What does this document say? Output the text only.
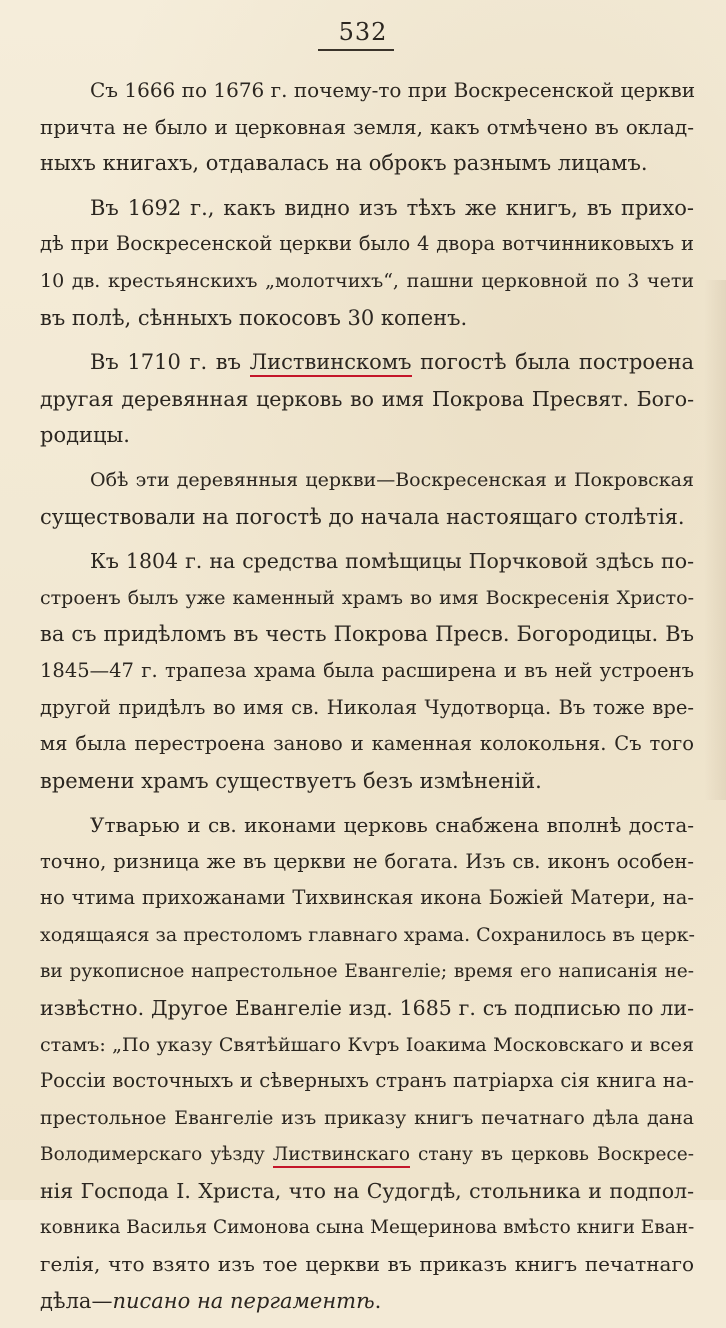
532
Съ 1666 по 1676 г. почему-то при Воскресенской церкви
причта не было и церковная земля, какъ отмѣчено въ оклад-
ныхъ книгахъ, отдавалась на оброкъ разнымъ лицамъ.
Въ 1692 г., какъ видно изъ тѣхъ же книгъ, въ прихо-
дѣ при Воскресенской церкви было 4 двора вотчинниковыхъ и
10 дв. крестьянскихъ „молотчихъ“, пашни церковной по 3 чети
въ полѣ, сѣнныхъ покосовъ 30 копенъ.
Въ 1710 г. въ Листвинскомъ погостѣ была построена
другая деревянная церковь во имя Покрова Пресвят. Бого-
родицы.
Обѣ эти деревянныя церкви—Воскресенская и Покровская
существовали на погостѣ до начала настоящаго столѣтія.
Къ 1804 г. на средства помѣщицы Порчковой здѣсь по-
строенъ былъ уже каменный храмъ во имя Воскресенія Христо-
ва съ придѣломъ въ честь Покрова Пресв. Богородицы. Въ
1845—47 г. трапеза храма была расширена и въ ней устроенъ
другой придѣлъ во имя св. Николая Чудотворца. Въ тоже вре-
мя была перестроена заново и каменная колокольня. Съ того
времени храмъ существуетъ безъ измѣненій.
Утварью и св. иконами церковь снабжена вполнѣ доста-
точно, ризница же въ церкви не богата. Изъ св. иконъ особен-
но чтима прихожанами Тихвинская икона Божіей Матери, на-
ходящаяся за престоломъ главнаго храма. Сохранилось въ церк-
ви рукописное напрестольное Евангеліе; время его написанія не-
извѣстно. Другое Евангеліе изд. 1685 г. съ подписью по ли-
стамъ: „По указу Святѣйшаго Кѵръ Іоакима Московскаго и всея
Россіи восточныхъ и сѣверныхъ странъ патріарха сія книга на-
престольное Евангеліе изъ приказу книгъ печатнаго дѣла дана
Володимерскаго уѣзду Листвинскаго стану въ церковь Воскресе-
нія Господа І. Христа, что на Судогдѣ, стольника и подпол-
ковника Василья Симонова сына Мещеринова вмѣсто книги Еван-
гелія, что взято изъ тое церкви въ приказъ книгъ печатнаго
дѣла—писано на пергаментѣ.
